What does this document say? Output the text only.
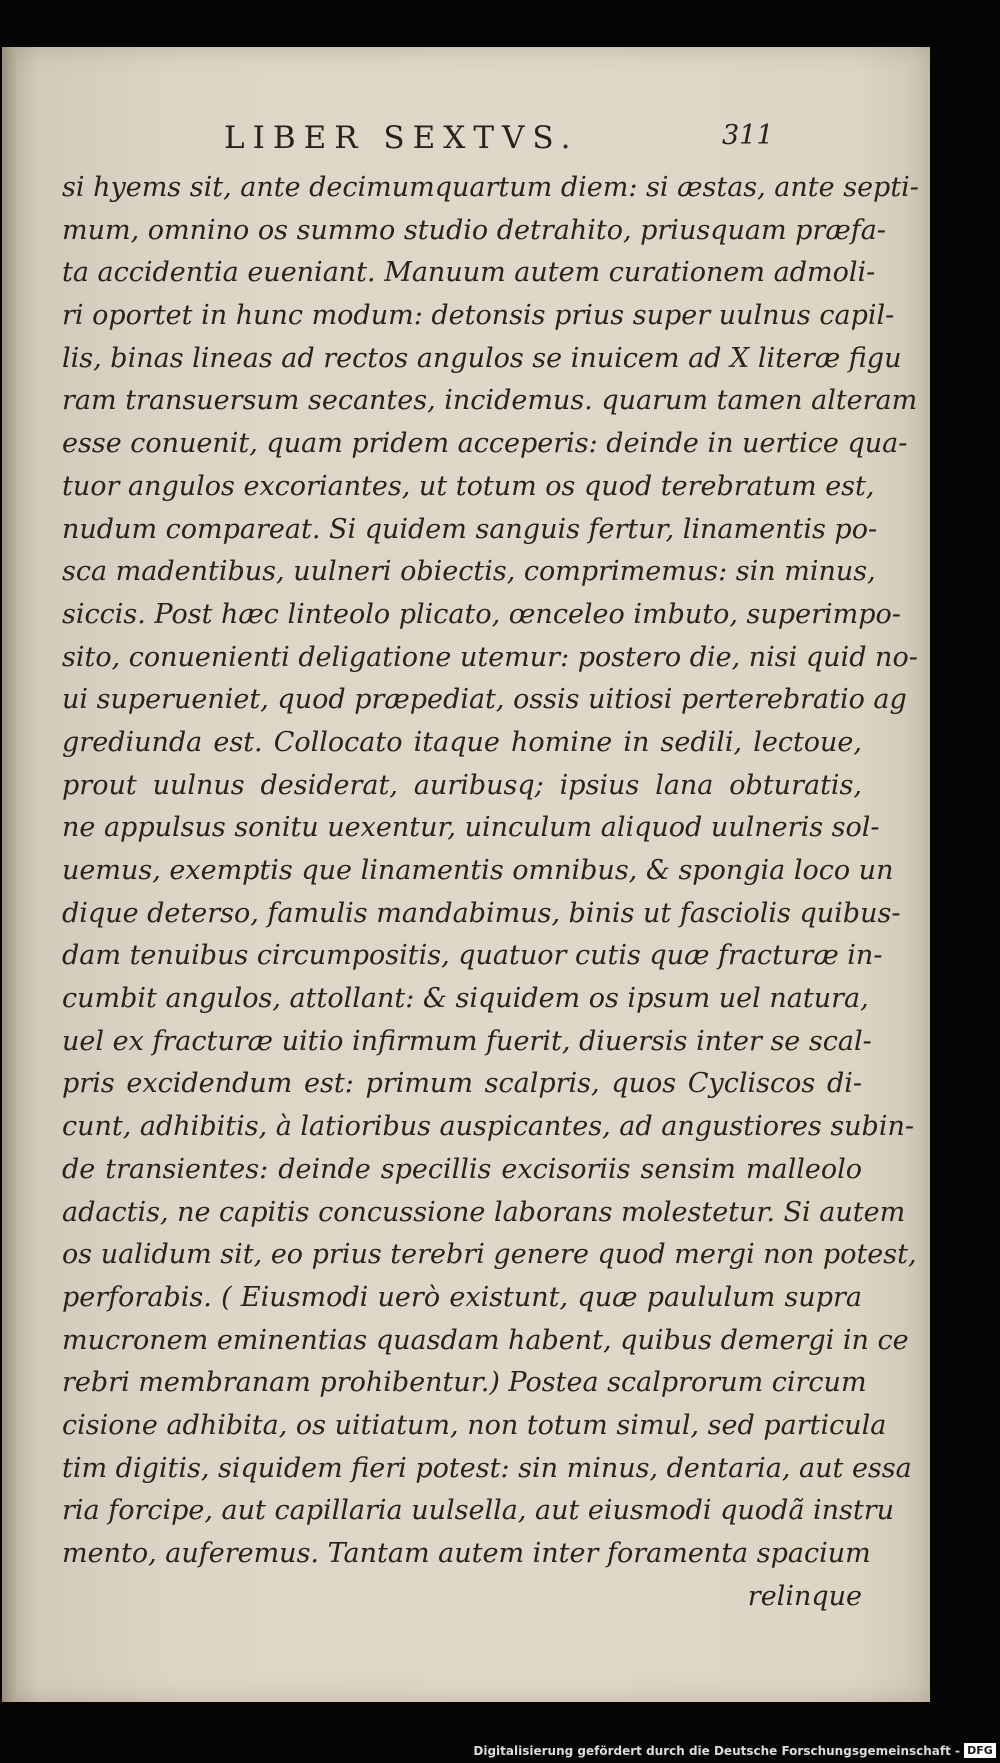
LIBER SEXTVS.	311
si hyems sit, ante decimumquartum diem: si æstas, ante septi-
mum, omnino os summo studio detrahito, priusquam præfa-
ta accidentia eueniant. Manuum autem curationem admoli-
ri oportet in hunc modum: detonsis prius super uulnus capil-
lis, binas lineas ad rectos angulos se inuicem ad X literæ figu
ram transuersum secantes, incidemus. quarum tamen alteram
esse conuenit, quam pridem acceperis: deinde in uertice qua-
tuor angulos excoriantes, ut totum os quod terebratum est,
nudum compareat. Si quidem sanguis fertur, linamentis po-
sca madentibus, uulneri obiectis, comprimemus: sin minus,
siccis. Post hæc linteolo plicato, œnceleo imbuto, superimpo-
sito, conuenienti deligatione utemur: postero die, nisi quid no-
ui superueniet, quod præpediat, ossis uitiosi perterebratio ag
grediunda est. Collocato itaque homine in sedili, lectoue,
prout uulnus desiderat, auribusq; ipsius lana obturatis,
ne appulsus sonitu uexentur, uinculum aliquod uulneris sol-
uemus, exemptis que linamentis omnibus, & spongia loco un
dique deterso, famulis mandabimus, binis ut fasciolis quibus-
dam tenuibus circumpositis, quatuor cutis quæ fracturæ in-
cumbit angulos, attollant: & siquidem os ipsum uel natura,
uel ex fracturæ uitio infirmum fuerit, diuersis inter se scal-
pris excidendum est: primum scalpris, quos Cycliscos di-
cunt, adhibitis, à latioribus auspicantes, ad angustiores subin-
de transientes: deinde specillis excisoriis sensim malleolo
adactis, ne capitis concussione laborans molestetur. Si autem
os ualidum sit, eo prius terebri genere quod mergi non potest,
perforabis. ( Eiusmodi uerò existunt, quæ paululum supra
mucronem eminentias quasdam habent, quibus demergi in ce
rebri membranam prohibentur.) Postea scalprorum circum
cisione adhibita, os uitiatum, non totum simul, sed particula
tim digitis, siquidem fieri potest: sin minus, dentaria, aut essa
ria forcipe, aut capillaria uulsella, aut eiusmodi quodã instru
mento, auferemus. Tantam autem inter foramenta spacium
relinque
Digitalisierung gefördert durch die Deutsche Forschungsgemeinschaft - DFG
